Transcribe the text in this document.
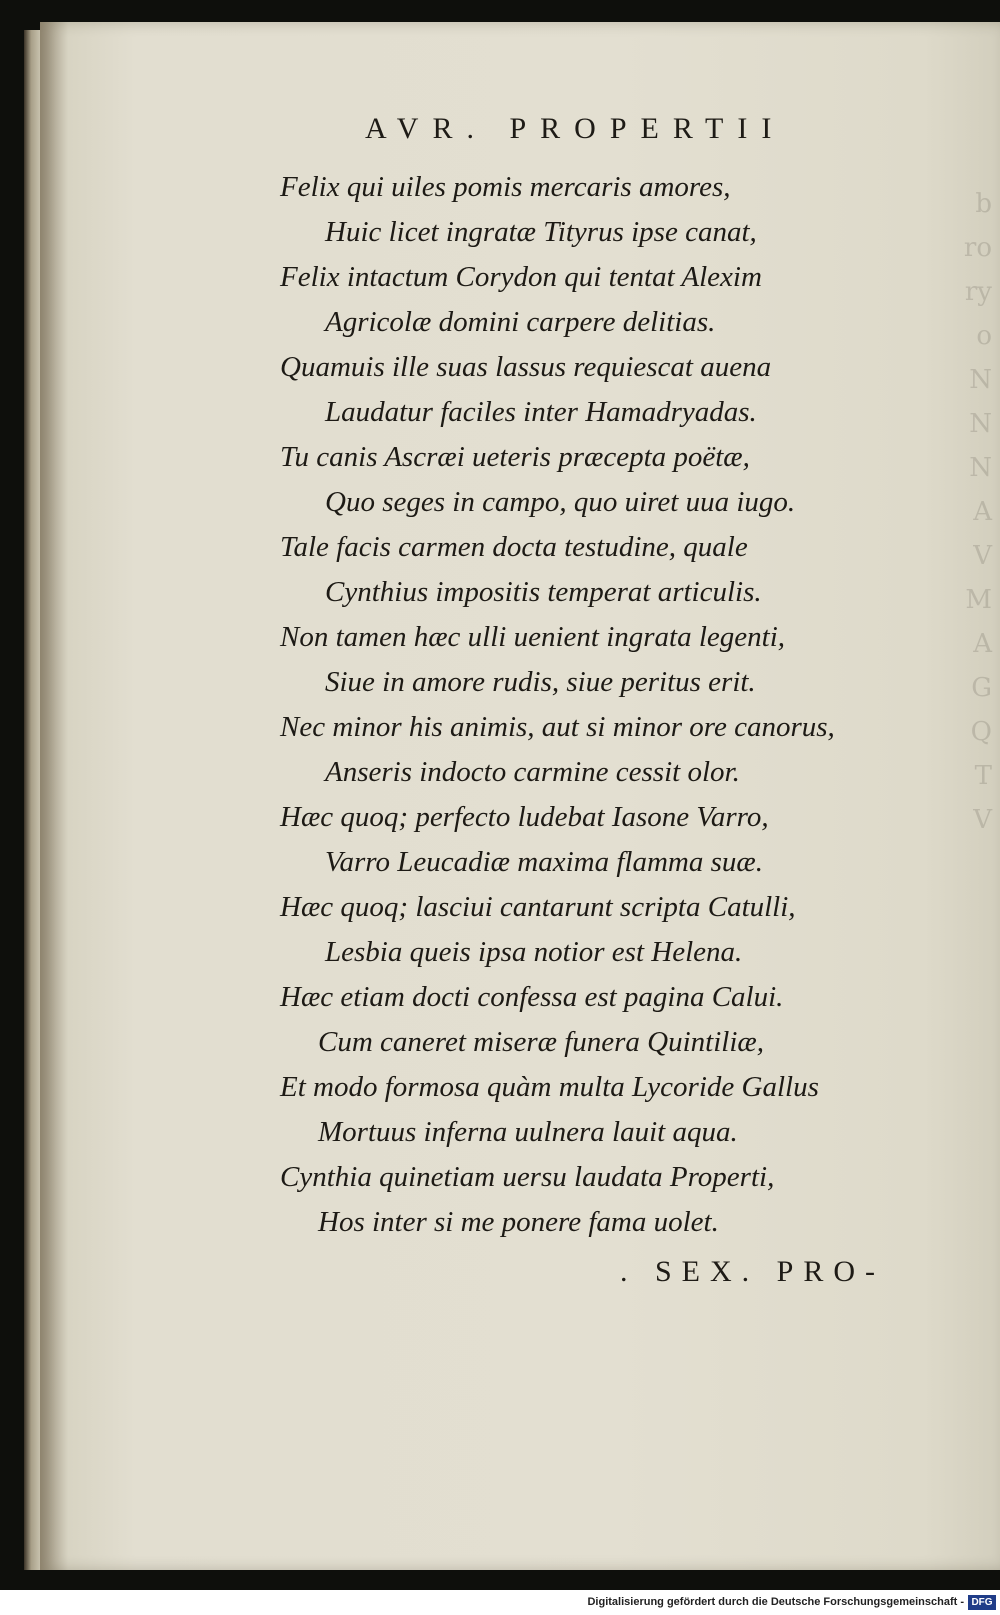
b
ro
ry
o
N
N
N
A
V
M
A
G
Q
T
V
AVR. PROPERTII
Felix qui uiles pomis mercaris amores,
Huic licet ingratæ Tityrus ipse canat,
Felix intactum Corydon qui tentat Alexim
Agricolæ domini carpere delitias.
Quamuis ille suas lassus requiescat auena
Laudatur faciles inter Hamadryadas.
Tu canis Ascræi ueteris præcepta poëtæ,
Quo seges in campo, quo uiret uua iugo.
Tale facis carmen docta testudine, quale
Cynthius impositis temperat articulis.
Non tamen hæc ulli uenient ingrata legenti,
Siue in amore rudis, siue peritus erit.
Nec minor his animis, aut si minor ore canorus,
Anseris indocto carmine cessit olor.
Hæc quoq; perfecto ludebat Iasone Varro,
Varro Leucadiæ maxima flamma suæ.
Hæc quoq; lasciui cantarunt scripta Catulli,
Lesbia queis ipsa notior est Helena.
Hæc etiam docti confessa est pagina Calui.
Cum caneret miseræ funera Quintiliæ,
Et modo formosa quàm multa Lycoride Gallus
Mortuus inferna uulnera lauit aqua.
Cynthia quinetiam uersu laudata Properti,
Hos inter si me ponere fama uolet.
. SEX. PRO-
Digitalisierung gefördert durch die Deutsche Forschungsgemeinschaft - DFG
